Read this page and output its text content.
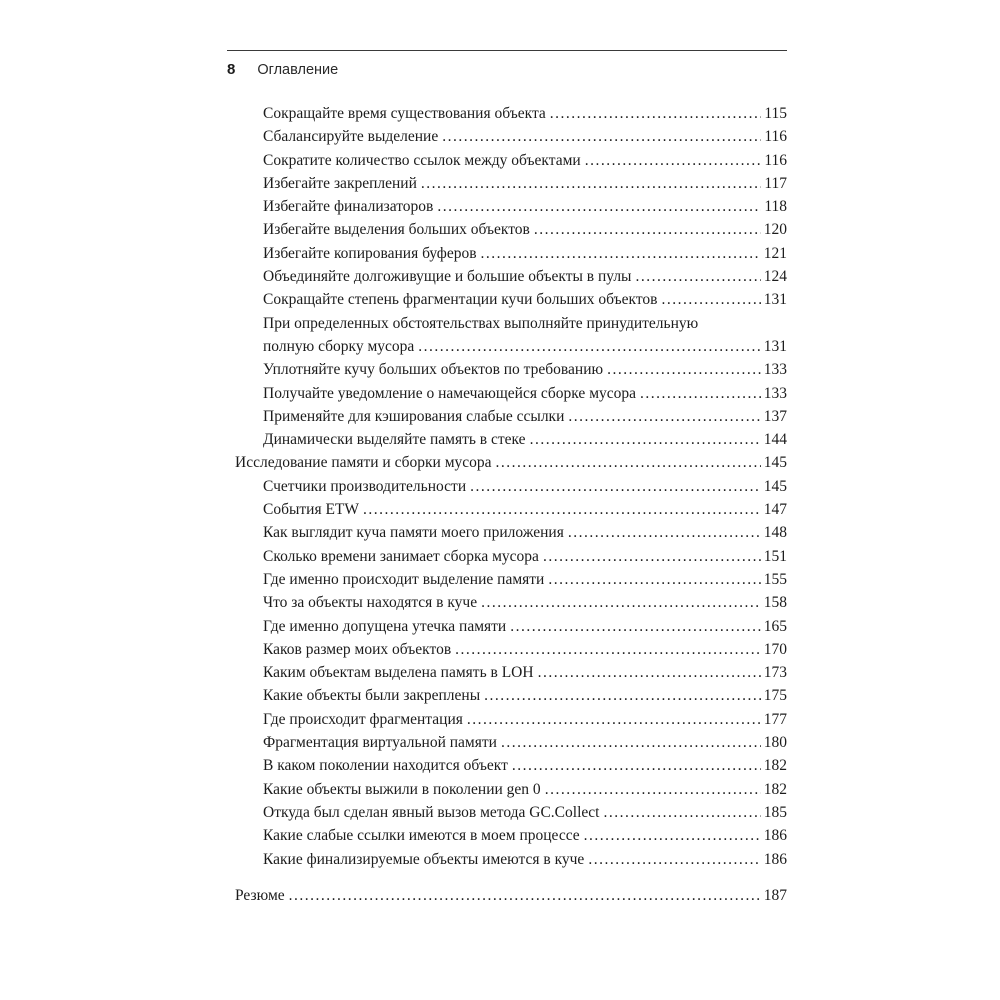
8 Оглавление
Сокращайте время существования объекта .....	115
Сбалансируйте выделение .....	116
Сократите количество ссылок между объектами .....	116
Избегайте закреплений .....	117
Избегайте финализаторов .....	118
Избегайте выделения больших объектов .....	120
Избегайте копирования буферов .....	121
Объединяйте долгоживущие и большие объекты в пулы .....	124
Сокращайте степень фрагментации кучи больших объектов .....	131
При определенных обстоятельствах выполняйте принудительную
полную сборку мусора .....	131
Уплотняйте кучу больших объектов по требованию .....	133
Получайте уведомление о намечающейся сборке мусора .....	133
Применяйте для кэширования слабые ссылки .....	137
Динамически выделяйте память в стеке .....	144
Исследование памяти и сборки мусора .....	145
Счетчики производительности .....	145
События ETW .....	147
Как выглядит куча памяти моего приложения .....	148
Сколько времени занимает сборка мусора .....	151
Где именно происходит выделение памяти .....	155
Что за объекты находятся в куче .....	158
Где именно допущена утечка памяти .....	165
Каков размер моих объектов .....	170
Каким объектам выделена память в LOH .....	173
Какие объекты были закреплены .....	175
Где происходит фрагментация .....	177
Фрагментация виртуальной памяти .....	180
В каком поколении находится объект .....	182
Какие объекты выжили в поколении gen 0 .....	182
Откуда был сделан явный вызов метода GC.Collect .....	185
Какие слабые ссылки имеются в моем процессе .....	186
Какие финализируемые объекты имеются в куче .....	186
Резюме .....	187
